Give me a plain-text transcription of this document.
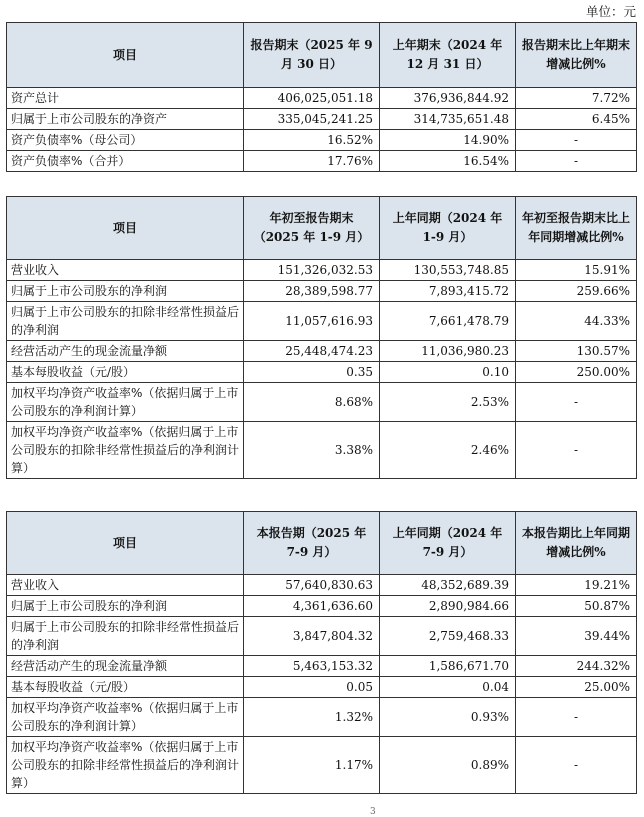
单位：元
项目	报告期末（2025 年 9 月 30 日）	上年期末（2024 年 12 月 31 日）	报告期末比上年期末增减比例%
资产总计	406,025,051.18	376,936,844.92	7.72%
归属于上市公司股东的净资产	335,045,241.25	314,735,651.48	6.45%
资产负债率%（母公司）	16.52%	14.90%	-
资产负债率%（合并）	17.76%	16.54%	-
项目	年初至报告期末（2025 年 1-9 月）	上年同期（2024 年 1-9 月）	年初至报告期末比上年同期增减比例%
营业收入	151,326,032.53	130,553,748.85	15.91%
归属于上市公司股东的净利润	28,389,598.77	7,893,415.72	259.66%
归属于上市公司股东的扣除非经常性损益后的净利润	11,057,616.93	7,661,478.79	44.33%
经营活动产生的现金流量净额	25,448,474.23	11,036,980.23	130.57%
基本每股收益（元/股）	0.35	0.10	250.00%
加权平均净资产收益率%（依据归属于上市公司股东的净利润计算）	8.68%	2.53%	-
加权平均净资产收益率%（依据归属于上市公司股东的扣除非经常性损益后的净利润计算）	3.38%	2.46%	-
项目	本报告期（2025 年 7-9 月）	上年同期（2024 年 7-9 月）	本报告期比上年同期增减比例%
营业收入	57,640,830.63	48,352,689.39	19.21%
归属于上市公司股东的净利润	4,361,636.60	2,890,984.66	50.87%
归属于上市公司股东的扣除非经常性损益后的净利润	3,847,804.32	2,759,468.33	39.44%
经营活动产生的现金流量净额	5,463,153.32	1,586,671.70	244.32%
基本每股收益（元/股）	0.05	0.04	25.00%
加权平均净资产收益率%（依据归属于上市公司股东的净利润计算）	1.32%	0.93%	-
加权平均净资产收益率%（依据归属于上市公司股东的扣除非经常性损益后的净利润计算）	1.17%	0.89%	-
3
